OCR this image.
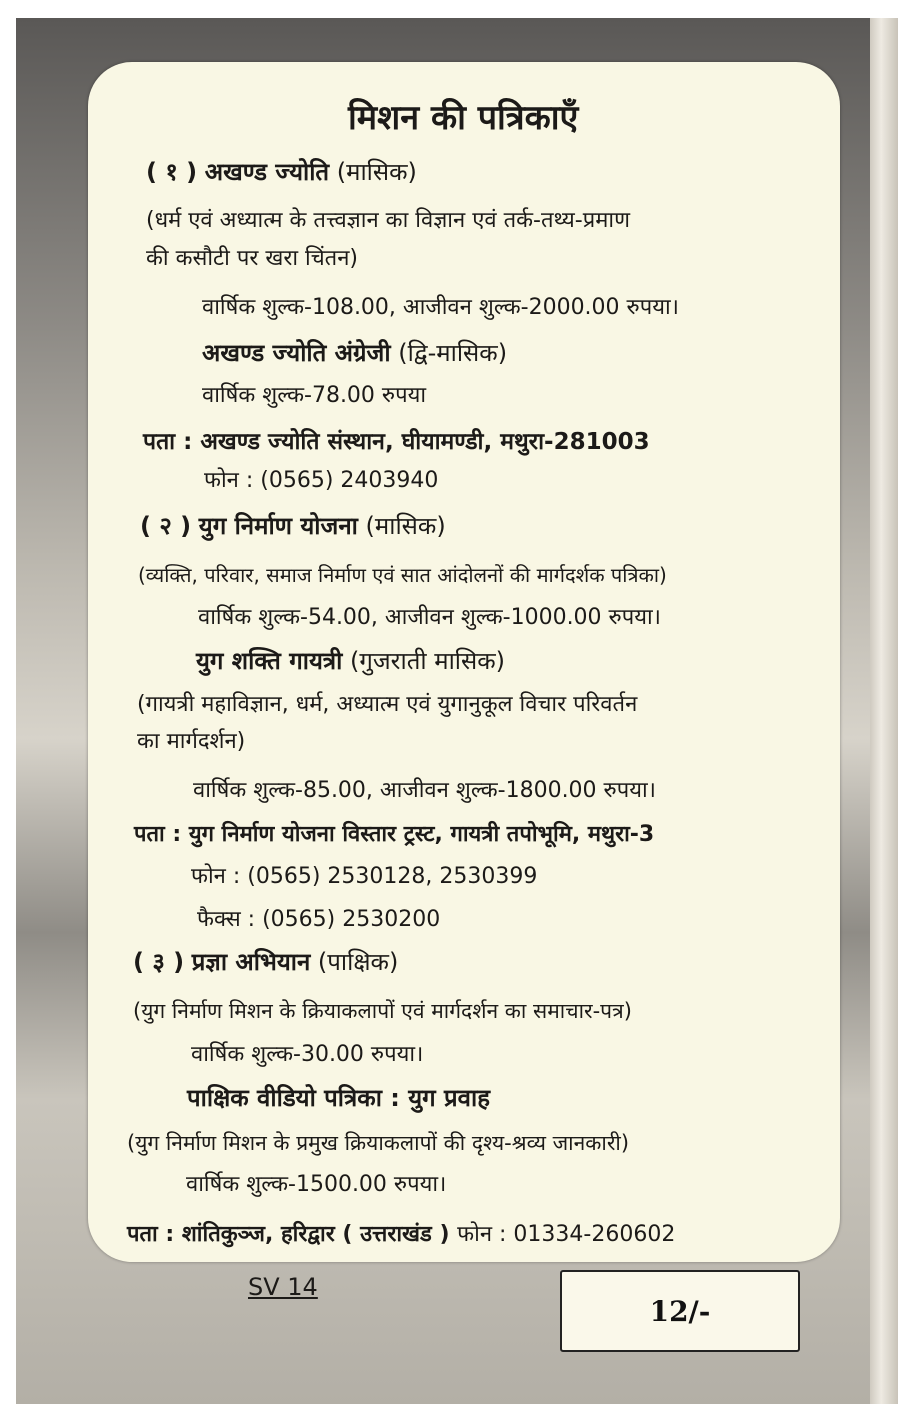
मिशन की पत्रिकाएँ
( १ ) अखण्ड ज्योति (मासिक)
(धर्म एवं अध्यात्म के तत्त्वज्ञान का विज्ञान एवं तर्क-तथ्य-प्रमाण
की कसौटी पर खरा चिंतन)
वार्षिक शुल्क-108.00, आजीवन शुल्क-2000.00 रुपया।
अखण्ड ज्योति अंग्रेजी (द्वि-मासिक)
वार्षिक शुल्क-78.00 रुपया
पता : अखण्ड ज्योति संस्थान, घीयामण्डी, मथुरा-281003
फोन : (0565) 2403940
( २ ) युग निर्माण योजना (मासिक)
(व्यक्ति, परिवार, समाज निर्माण एवं सात आंदोलनों की मार्गदर्शक पत्रिका)
वार्षिक शुल्क-54.00, आजीवन शुल्क-1000.00 रुपया।
युग शक्ति गायत्री (गुजराती मासिक)
(गायत्री महाविज्ञान, धर्म, अध्यात्म एवं युगानुकूल विचार परिवर्तन
का मार्गदर्शन)
वार्षिक शुल्क-85.00, आजीवन शुल्क-1800.00 रुपया।
पता : युग निर्माण योजना विस्तार ट्रस्ट, गायत्री तपोभूमि, मथुरा-3
फोन : (0565) 2530128, 2530399
फैक्स : (0565) 2530200
( ३ ) प्रज्ञा अभियान (पाक्षिक)
(युग निर्माण मिशन के क्रियाकलापों एवं मार्गदर्शन का समाचार-पत्र)
वार्षिक शुल्क-30.00 रुपया।
पाक्षिक वीडियो पत्रिका : युग प्रवाह
(युग निर्माण मिशन के प्रमुख क्रियाकलापों की दृश्य-श्रव्य जानकारी)
वार्षिक शुल्क-1500.00 रुपया।
पता : शांतिकुञ्ज, हरिद्वार ( उत्तराखंड ) फोन : 01334-260602
SV 14
12/-
